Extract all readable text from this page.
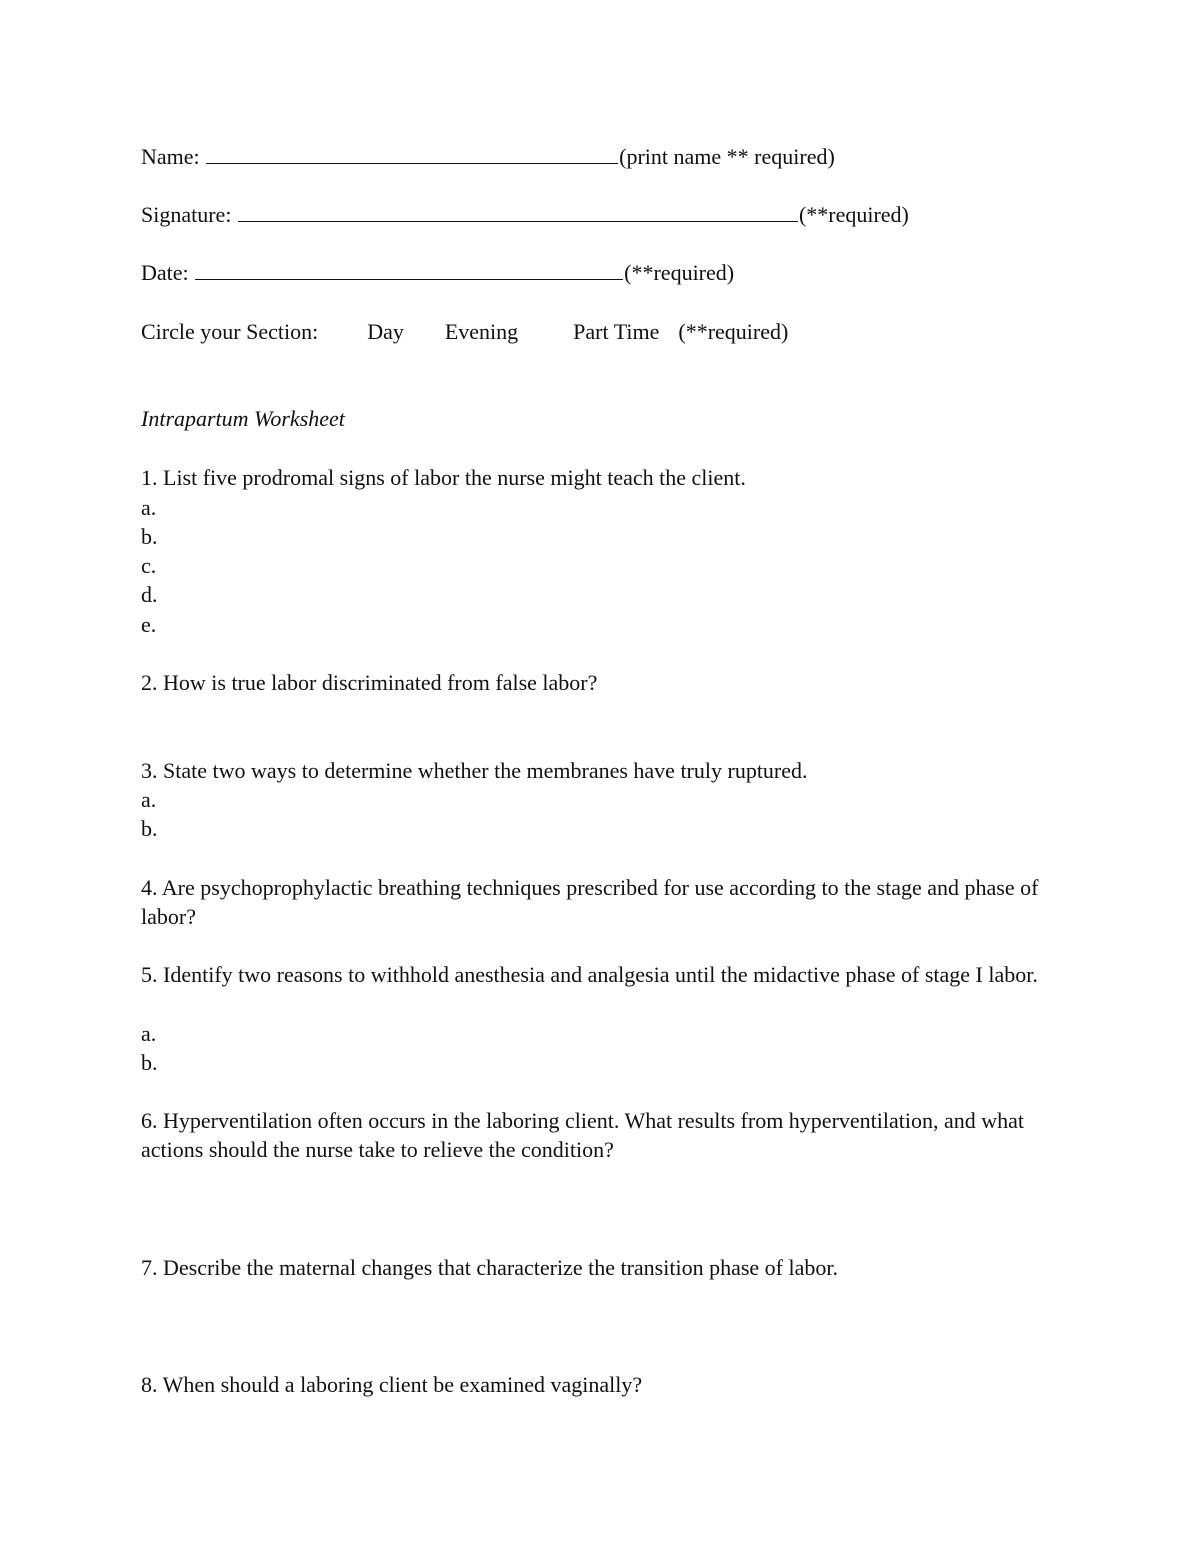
Name:	(print name ** required)
Signature:	(**required)
Date:	(**required)
Circle your Section: Day Evening	Part Time (**required)
Intrapartum Worksheet
1. List five prodromal signs of labor the nurse might teach the client.
a.
b.
c.
d.
e.
2. How is true labor discriminated from false labor?
3. State two ways to determine whether the membranes have truly ruptured.
a.
b.
4. Are psychoprophylactic breathing techniques prescribed for use according to the stage and phase of labor?
5. Identify two reasons to withhold anesthesia and analgesia until the midactive phase of stage I labor.
a.
b.
6. Hyperventilation often occurs in the laboring client. What results from hyperventilation, and what actions should the nurse take to relieve the condition?
7. Describe the maternal changes that characterize the transition phase of labor.
8. When should a laboring client be examined vaginally?
